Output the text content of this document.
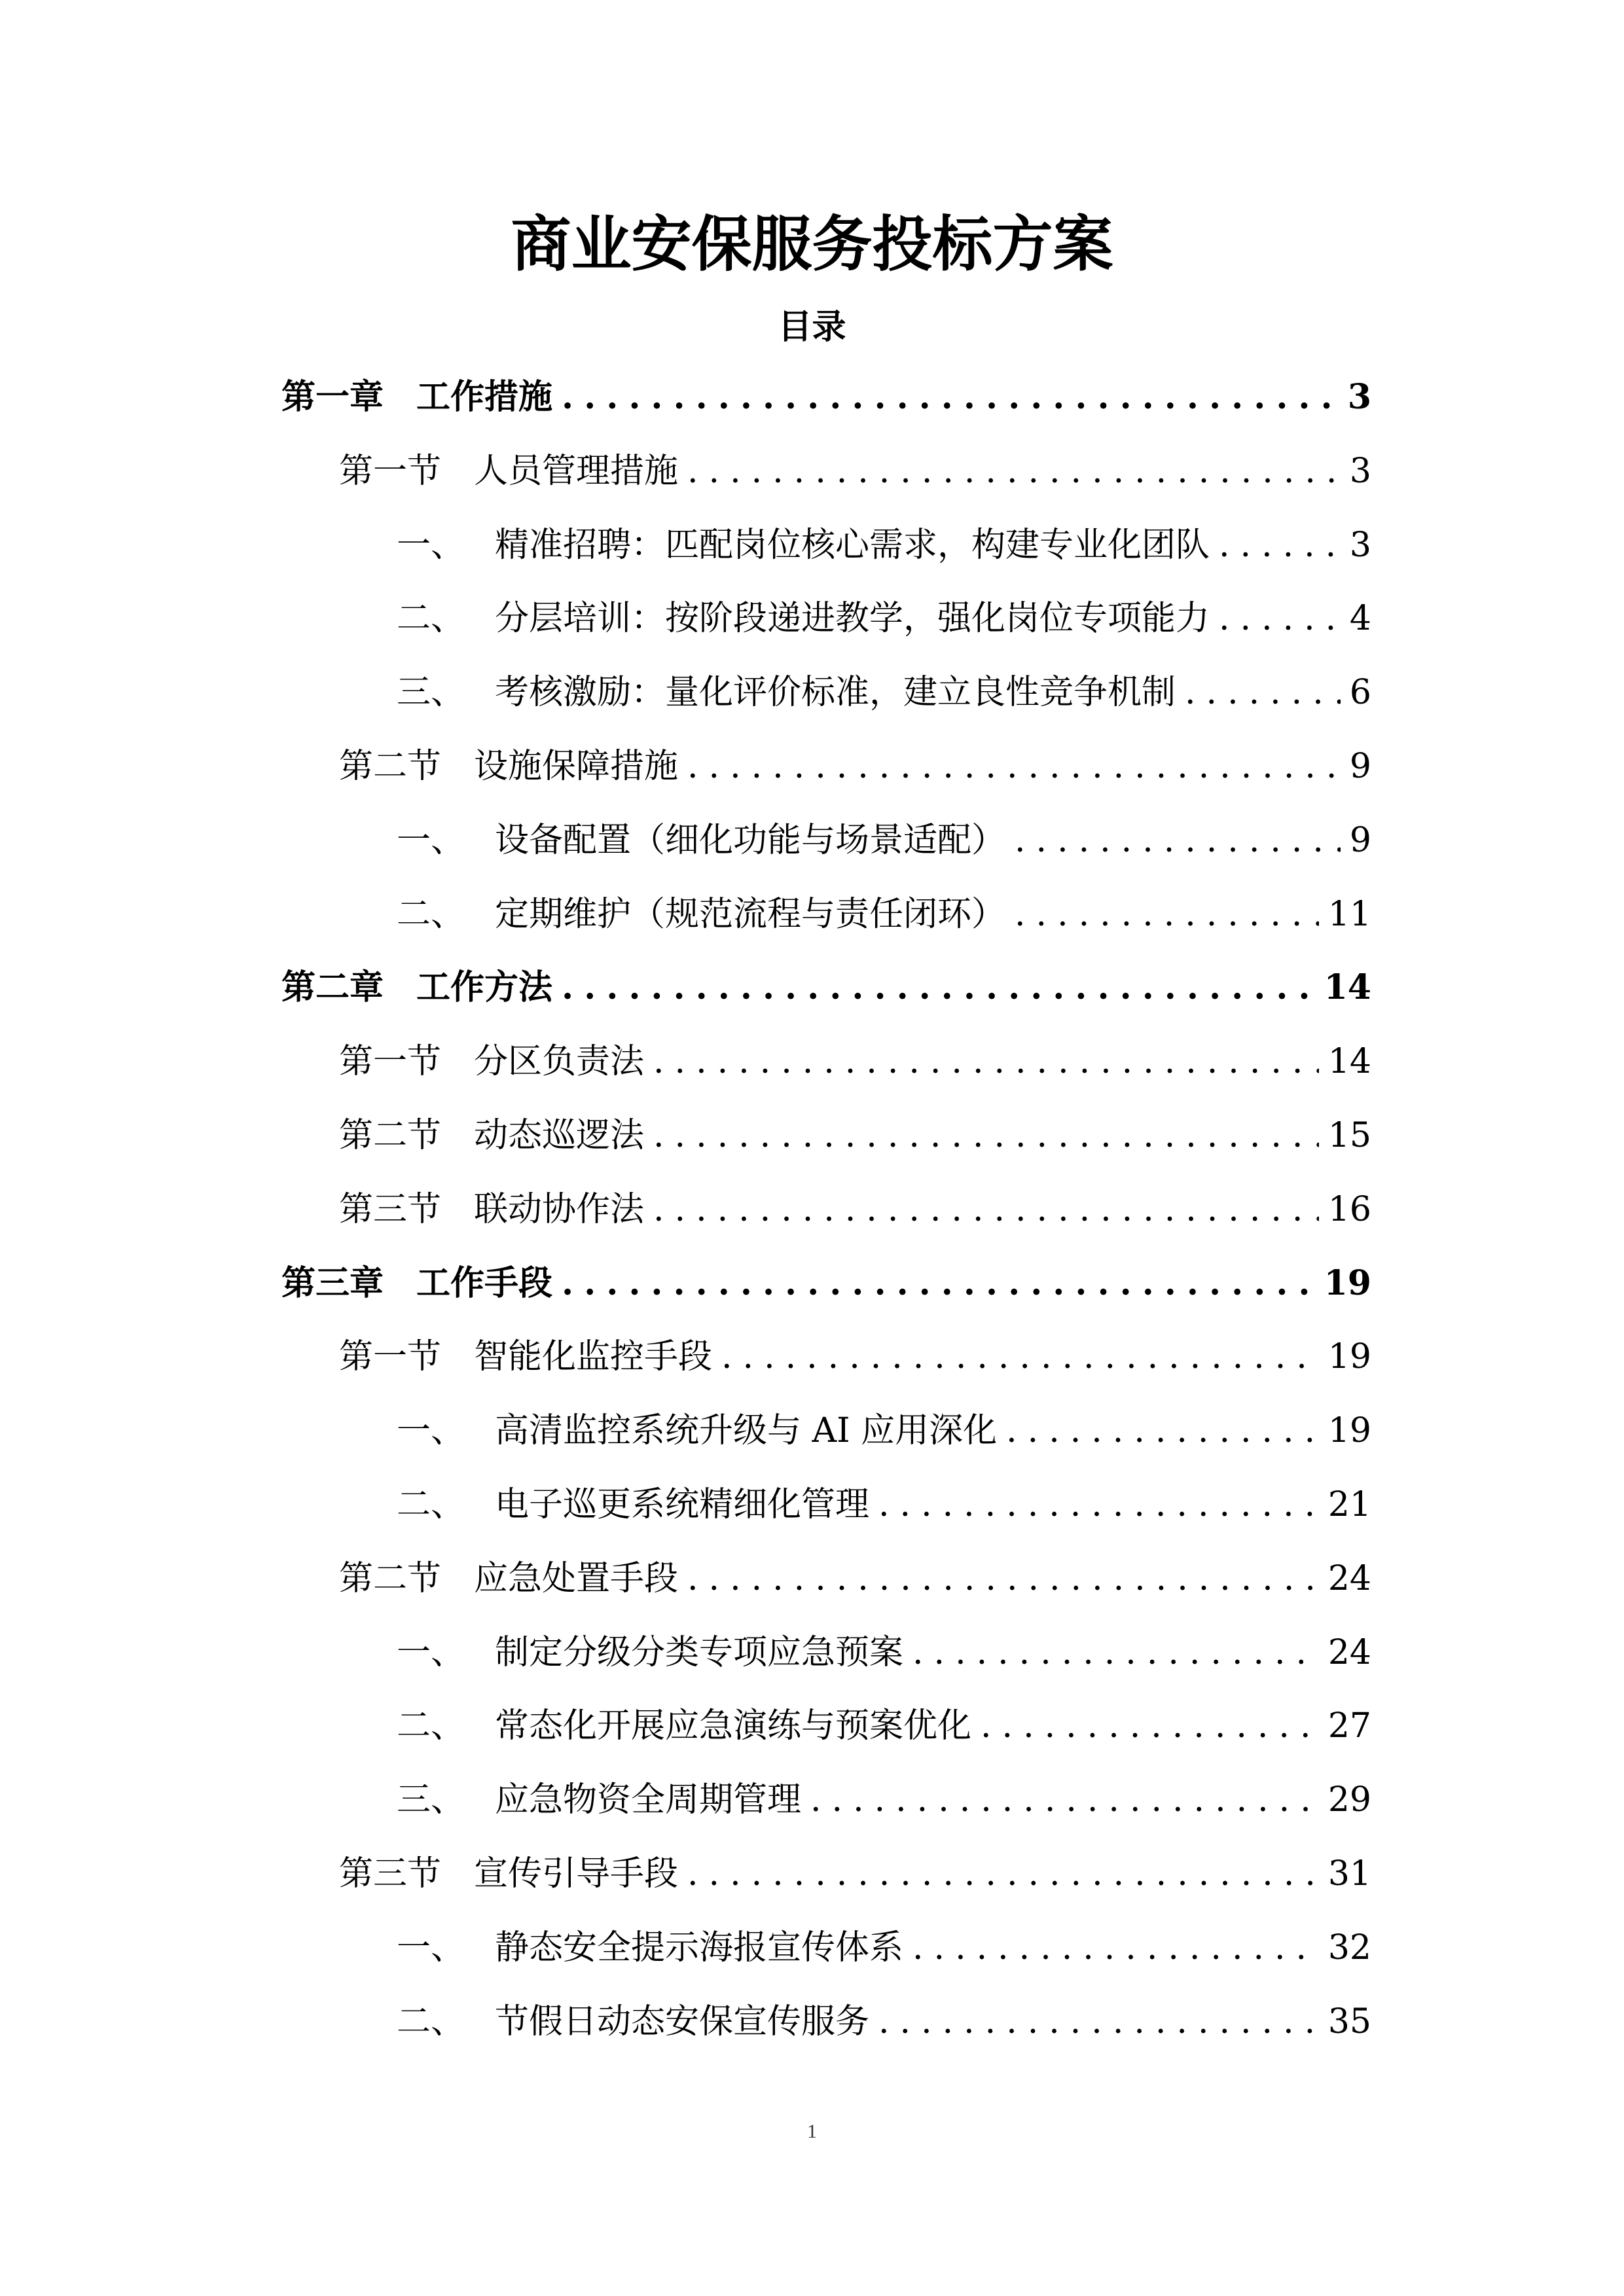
商业安保服务投标方案
目录
第一章 工作措施 .....	3
第一节 人员管理措施 .....	3
一、 精准招聘：匹配岗位核心需求，构建专业化团队 .....	3
二、 分层培训：按阶段递进教学，强化岗位专项能力 .....	4
三、 考核激励：量化评价标准，建立良性竞争机制 .....	6
第二节 设施保障措施 .....	9
一、 设备配置（细化功能与场景适配） .....	9
二、 定期维护（规范流程与责任闭环） .....	11
第二章 工作方法 .....	14
第一节 分区负责法 .....	14
第二节 动态巡逻法 .....	15
第三节 联动协作法 .....	16
第三章 工作手段 .....	19
第一节 智能化监控手段 .....	19
一、 高清监控系统升级与 AI 应用深化 .....	19
二、 电子巡更系统精细化管理 .....	21
第二节 应急处置手段 .....	24
一、 制定分级分类专项应急预案 .....	24
二、 常态化开展应急演练与预案优化 .....	27
三、 应急物资全周期管理 .....	29
第三节 宣传引导手段 .....	31
一、 静态安全提示海报宣传体系 .....	32
二、 节假日动态安保宣传服务 .....	35
1
